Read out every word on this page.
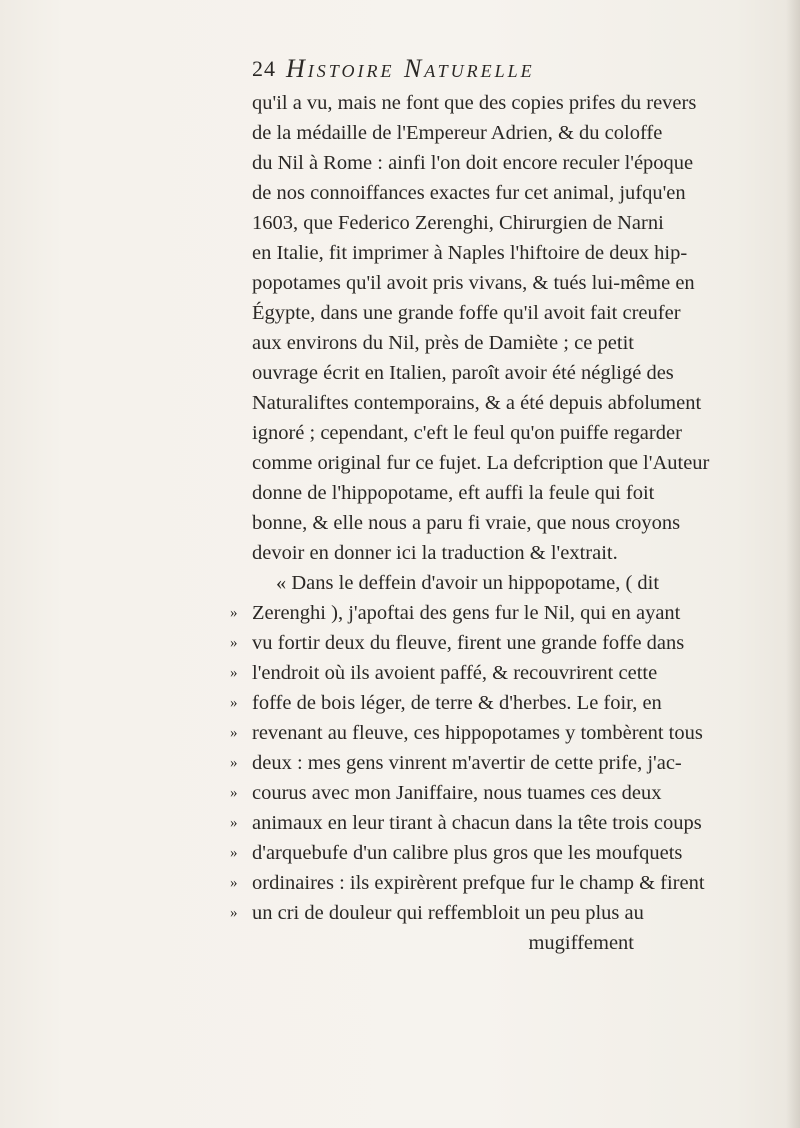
24 Histoire Naturelle
qu'il a vu, mais ne font que des copies prifes du revers
de la médaille de l'Empereur Adrien, & du coloffe
du Nil à Rome : ainfi l'on doit encore reculer l'époque
de nos connoiffances exactes fur cet animal, jufqu'en
1603, que Federico Zerenghi, Chirurgien de Narni
en Italie, fit imprimer à Naples l'hiftoire de deux hip-
popotames qu'il avoit pris vivans, & tués lui-même en
Égypte, dans une grande foffe qu'il avoit fait creufer
aux environs du Nil, près de Damiète ; ce petit
ouvrage écrit en Italien, paroît avoir été négligé des
Naturaliftes contemporains, & a été depuis abfolument
ignoré ; cependant, c'eft le feul qu'on puiffe regarder
comme original fur ce fujet. La defcription que l'Auteur
donne de l'hippopotame, eft auffi la feule qui foit
bonne, & elle nous a paru fi vraie, que nous croyons
devoir en donner ici la traduction & l'extrait.
« Dans le deffein d'avoir un hippopotame, ( dit
» Zerenghi ), j'apoftai des gens fur le Nil, qui en ayant
» vu fortir deux du fleuve, firent une grande foffe dans
» l'endroit où ils avoient paffé, & recouvrirent cette
» foffe de bois léger, de terre & d'herbes. Le foir, en
» revenant au fleuve, ces hippopotames y tombèrent tous
» deux : mes gens vinrent m'avertir de cette prife, j'ac-
» courus avec mon Janiffaire, nous tuames ces deux
» animaux en leur tirant à chacun dans la tête trois coups
» d'arquebufe d'un calibre plus gros que les moufquets
» ordinaires : ils expirèrent prefque fur le champ & firent
» un cri de douleur qui reffembloit un peu plus au
mugiffement
